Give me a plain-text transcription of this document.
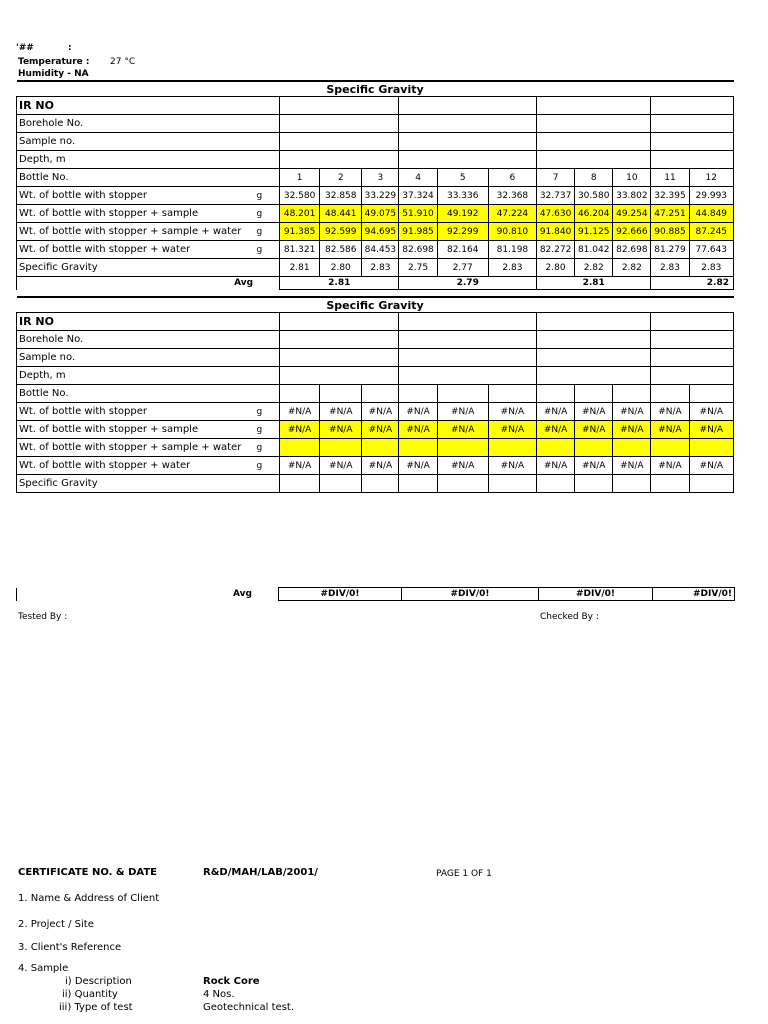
'##	:
Temperature : 27 °C
Humidity - NA
Specific Gravity												
IR NO												
Borehole No.												
Sample no.												
Depth, m												
Bottle No.		1	2	3	4	5	6	7	8	10	11	12
Wt. of bottle with stopper	g	32.580	32.858	33.229	37.324	33.336	32.368	32.737	30.580	33.802	32.395	29.993
Wt. of bottle with stopper + sample	g	48.201	48.441	49.075	51.910	49.192	47.224	47.630	46.204	49.254	47.251	44.849
Wt. of bottle with stopper + sample + water	g	91.385	92.599	94.695	91.985	92.299	90.810	91.840	91.125	92.666	90.885	87.245
Wt. of bottle with stopper + water	g	81.321	82.586	84.453	82.698	82.164	81.198	82.272	81.042	82.698	81.279	77.643
Specific Gravity		2.81	2.80	2.83	2.75	2.77	2.83	2.80	2.82	2.82	2.83	2.83
Avg		2.81			2.79			2.81			2.82	
Specific Gravity												
IR NO												
Borehole No.												
Sample no.												
Depth, m												
Bottle No.												
Wt. of bottle with stopper	g	#N/A	#N/A	#N/A	#N/A	#N/A	#N/A	#N/A	#N/A	#N/A	#N/A	#N/A
Wt. of bottle with stopper + sample	g	#N/A	#N/A	#N/A	#N/A	#N/A	#N/A	#N/A	#N/A	#N/A	#N/A	#N/A
Wt. of bottle with stopper + sample + water	g											
Wt. of bottle with stopper + water	g	#N/A	#N/A	#N/A	#N/A	#N/A	#N/A	#N/A	#N/A	#N/A	#N/A	#N/A
Specific Gravity												
Avg	#DIV/0!	#DIV/0!	#DIV/0!	#DIV/0!
Tested By :	Checked By :
CERTIFICATE NO. & DATE	R&D/MAH/LAB/2001/	PAGE 1 OF 1
1. Name & Address of Client
2. Project / Site
3. Client's Reference
4. Sample
i) Description	Rock Core
ii) Quantity	4 Nos.
iii) Type of test	Geotechnical test.
